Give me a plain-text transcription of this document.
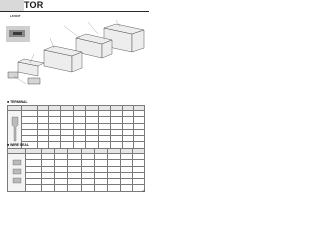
TOR
LAYOUT
■TERMINAL

■WIRE SEAL

47
